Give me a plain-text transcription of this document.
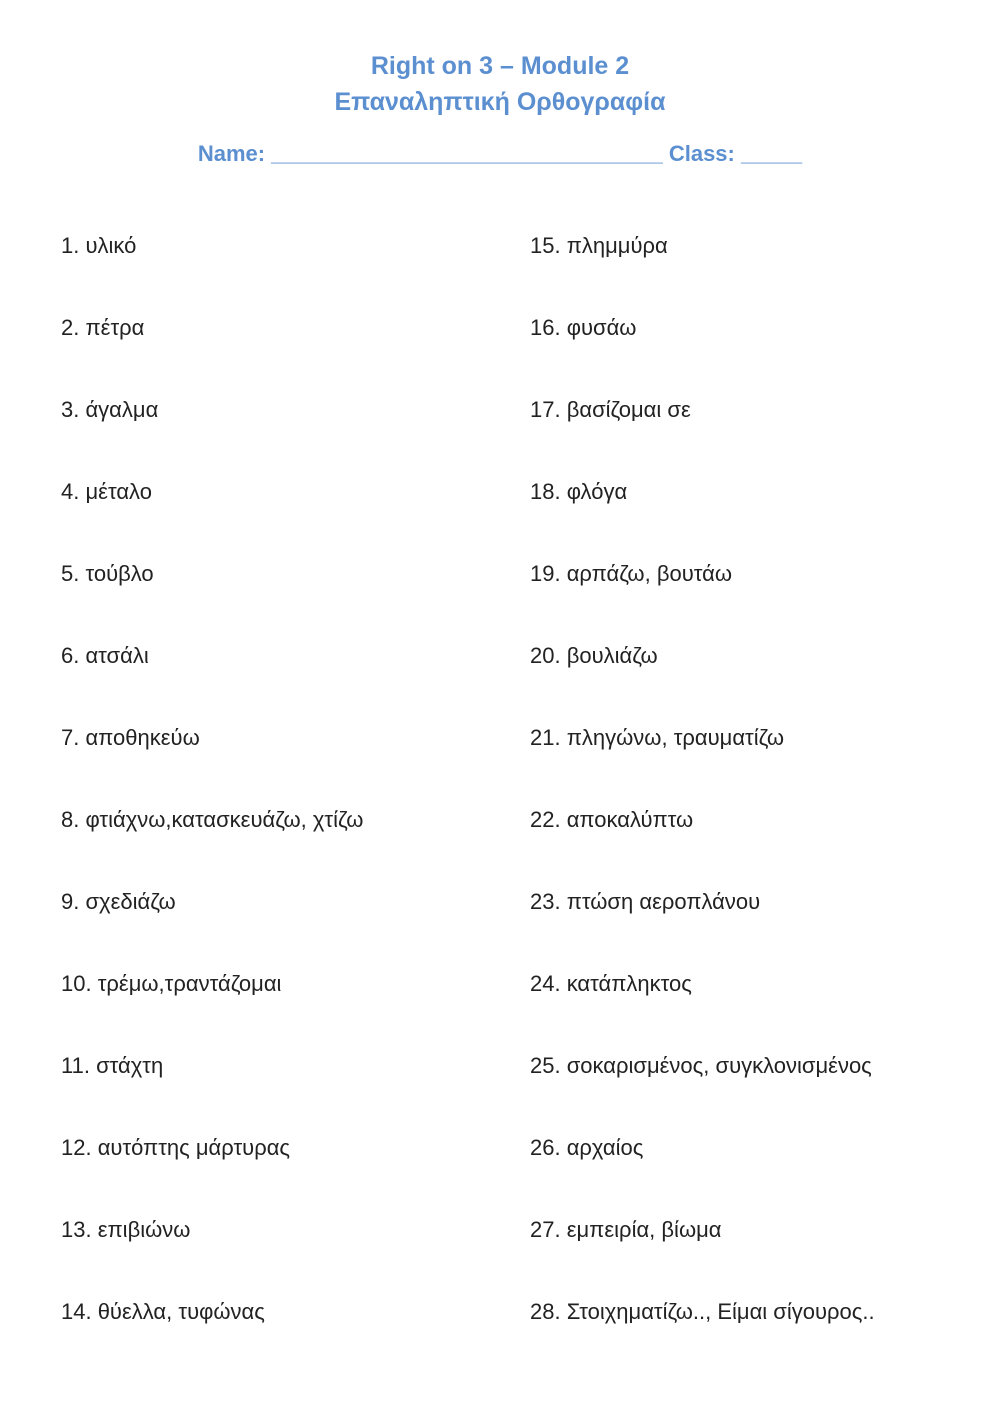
Right on 3 – Module 2
Επαναληπτική Ορθογραφία
Name: ________________________________ Class: _____
1. υλικό
2. πέτρα
3. άγαλμα
4. μέταλο
5. τούβλο
6. ατσάλι
7. αποθηκεύω
8. φτιάχνω,κατασκευάζω, χτίζω
9. σχεδιάζω
10. τρέμω,τραντάζομαι
11. στάχτη
12. αυτόπτης μάρτυρας
13. επιβιώνω
14. θύελλα, τυφώνας
15. πλημμύρα
16. φυσάω
17. βασίζομαι σε
18. φλόγα
19. αρπάζω, βουτάω
20. βουλιάζω
21. πληγώνω, τραυματίζω
22. αποκαλύπτω
23. πτώση αεροπλάνου
24. κατάπληκτος
25. σοκαρισμένος, συγκλονισμένος
26. αρχαίος
27. εμπειρία, βίωμα
28. Στοιχηματίζω.., Είμαι σίγουρος..
